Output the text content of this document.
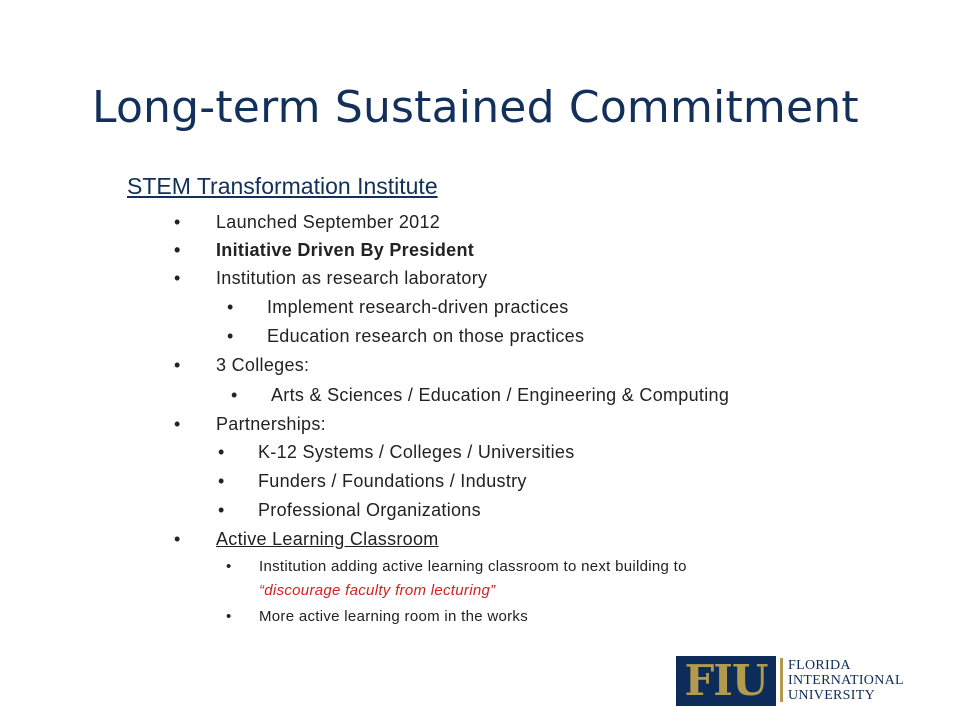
Long-term Sustained Commitment
STEM Transformation Institute
• Launched September 2012
• Initiative Driven By President
• Institution as research laboratory
• Implement research-driven practices
• Education research on those practices
• 3 Colleges:
• Arts & Sciences / Education / Engineering & Computing
• Partnerships:
• K-12 Systems / Colleges / Universities
• Funders / Foundations / Industry
• Professional Organizations
• Active Learning Classroom
• Institution adding active learning classroom to next building to
“discourage faculty from lecturing”
• More active learning room in the works
FIU FLORIDA
INTERNATIONAL
UNIVERSITY
